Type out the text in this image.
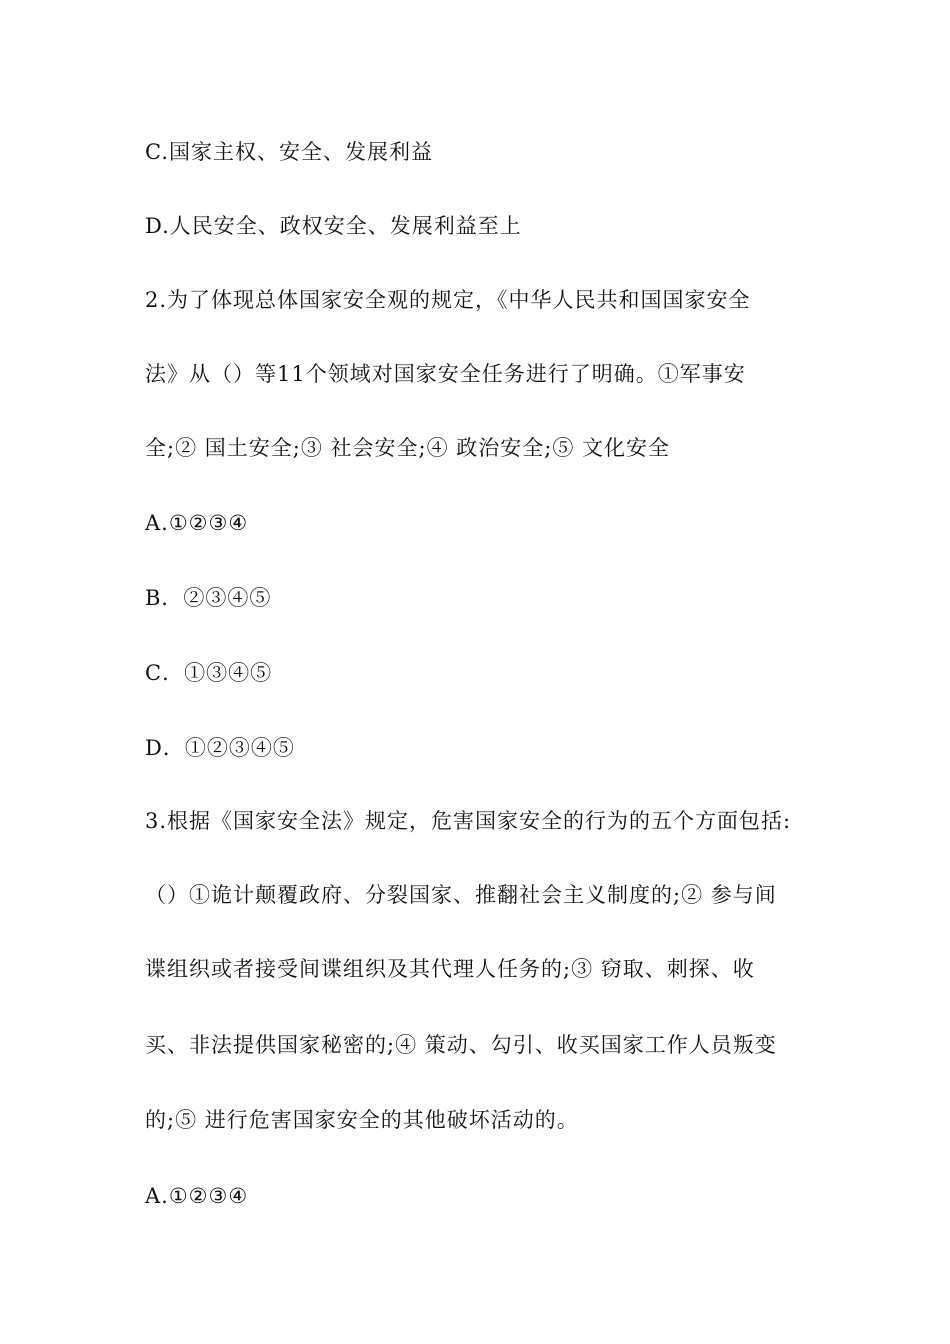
C.国家主权、安全、发展利益
D.人民安全、政权安全、发展利益至上
2.为了体现总体国家安全观的规定，《中华人民共和国国家安全
法》从（）等11个领域对国家安全任务进行了明确。①军事安
全;② 国土安全;③ 社会安全;④ 政治安全;⑤ 文化安全
A.①②③④
B．②③④⑤
C．①③④⑤
D．①②③④⑤
3.根据《国家安全法》规定，危害国家安全的行为的五个方面包括:
（）①诡计颠覆政府、分裂国家、推翻社会主义制度的;② 参与间
谍组织或者接受间谍组织及其代理人任务的;③ 窃取、刺探、收
买、非法提供国家秘密的;④ 策动、勾引、收买国家工作人员叛变
的;⑤ 进行危害国家安全的其他破坏活动的。
A.①②③④
